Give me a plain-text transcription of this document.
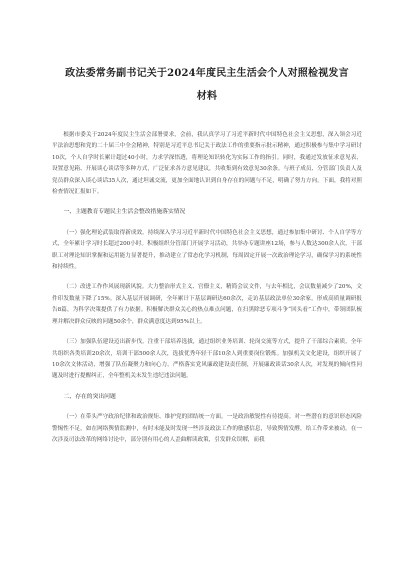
政法委常务副书记关于2024年度民主生活会个人对照检视发言
材料

根据市委关于2024年度民主生活会部署要求，会前，我认真学习了习近平新时代中国特色社会主义思想，深入领会习近平法治思想和党的二十届三中全会精神，特别是习近平总书记关于政法工作的重要指示批示精神，通过积极参与集中学习研讨10次，个人自学时长累计超过40小时，力求学深悟透，将理论知识转化为实际工作的指引。同时，我通过发放征求意见表、设置意见箱、开展谈心谈话等多种方式，广泛征求各方意见建议，共收集到有效意见30余条。与班子成员、分管部门负责人及党员群众深入谈心谈话35人次，通过坦诚交流，更加全面地认识到自身存在的问题与不足，明确了努力方向。下面，我将对照检查情况汇报如下。

一、主题教育专题民主生活会整改措施落实情况

（一）强化理论武装取得新成效。持续深入学习习近平新时代中国特色社会主义思想，通过参加集中研讨、个人自学等方式，全年累计学习时长超过200小时。积极组织分管部门开展学习活动，共举办专题讲座12场，参与人数达300余人次，干部职工对理论知识掌握和运用能力显著提升，推动建立了常态化学习机制，每周固定开展一次政治理论学习，确保学习的系统性和持续性。

（二）改进工作作风展现新风貌。大力整治形式主义、官僚主义，精简会议文件，与去年相比，会议数量减少了20%，文件印发数量下降了15%。深入基层开展调研，全年累计下基层调研达60余次，走访基层政法单位30余家，形成高质量调研报告8篇，为科学决策提供了有力依据。积极解决群众关心的热点难点问题，在扫黑除恶专项斗争“回头看”工作中，带领团队梳理并解决群众反映的问题50余个，群众满意度达到95%以上。

（三）加强队伍建设迈出新步伐。注重干部培养选拔，通过组织业务培训、轮岗交流等方式，提升了干部综合素质，全年共组织各类培训20余次，培训干部500余人次，选拔优秀年轻干部10余人到重要岗位锻炼。加强机关文化建设，组织开展了10余次文体活动，增强了队伍凝聚力和向心力。严格落实党风廉政建设责任制，开展廉政谈话30余人次，对发现的倾向性问题及时进行提醒纠正，全年整机关未发生违纪违法问题。

二、存在的突出问题

（一）在带头严守政治纪律和政治规矩、维护党的团结统一方面。一是政治敏锐性有待提高。对一些潜在的意识形态风险警惕性不足，如在网络舆情监测中，有时未能及时发现一些涉及政法工作的敏感信息，导致舆情发酵，给工作带来被动。在一次涉及司法改革的网络讨论中，部分别有用心的人歪曲解读政策，引发群众误解，而我
